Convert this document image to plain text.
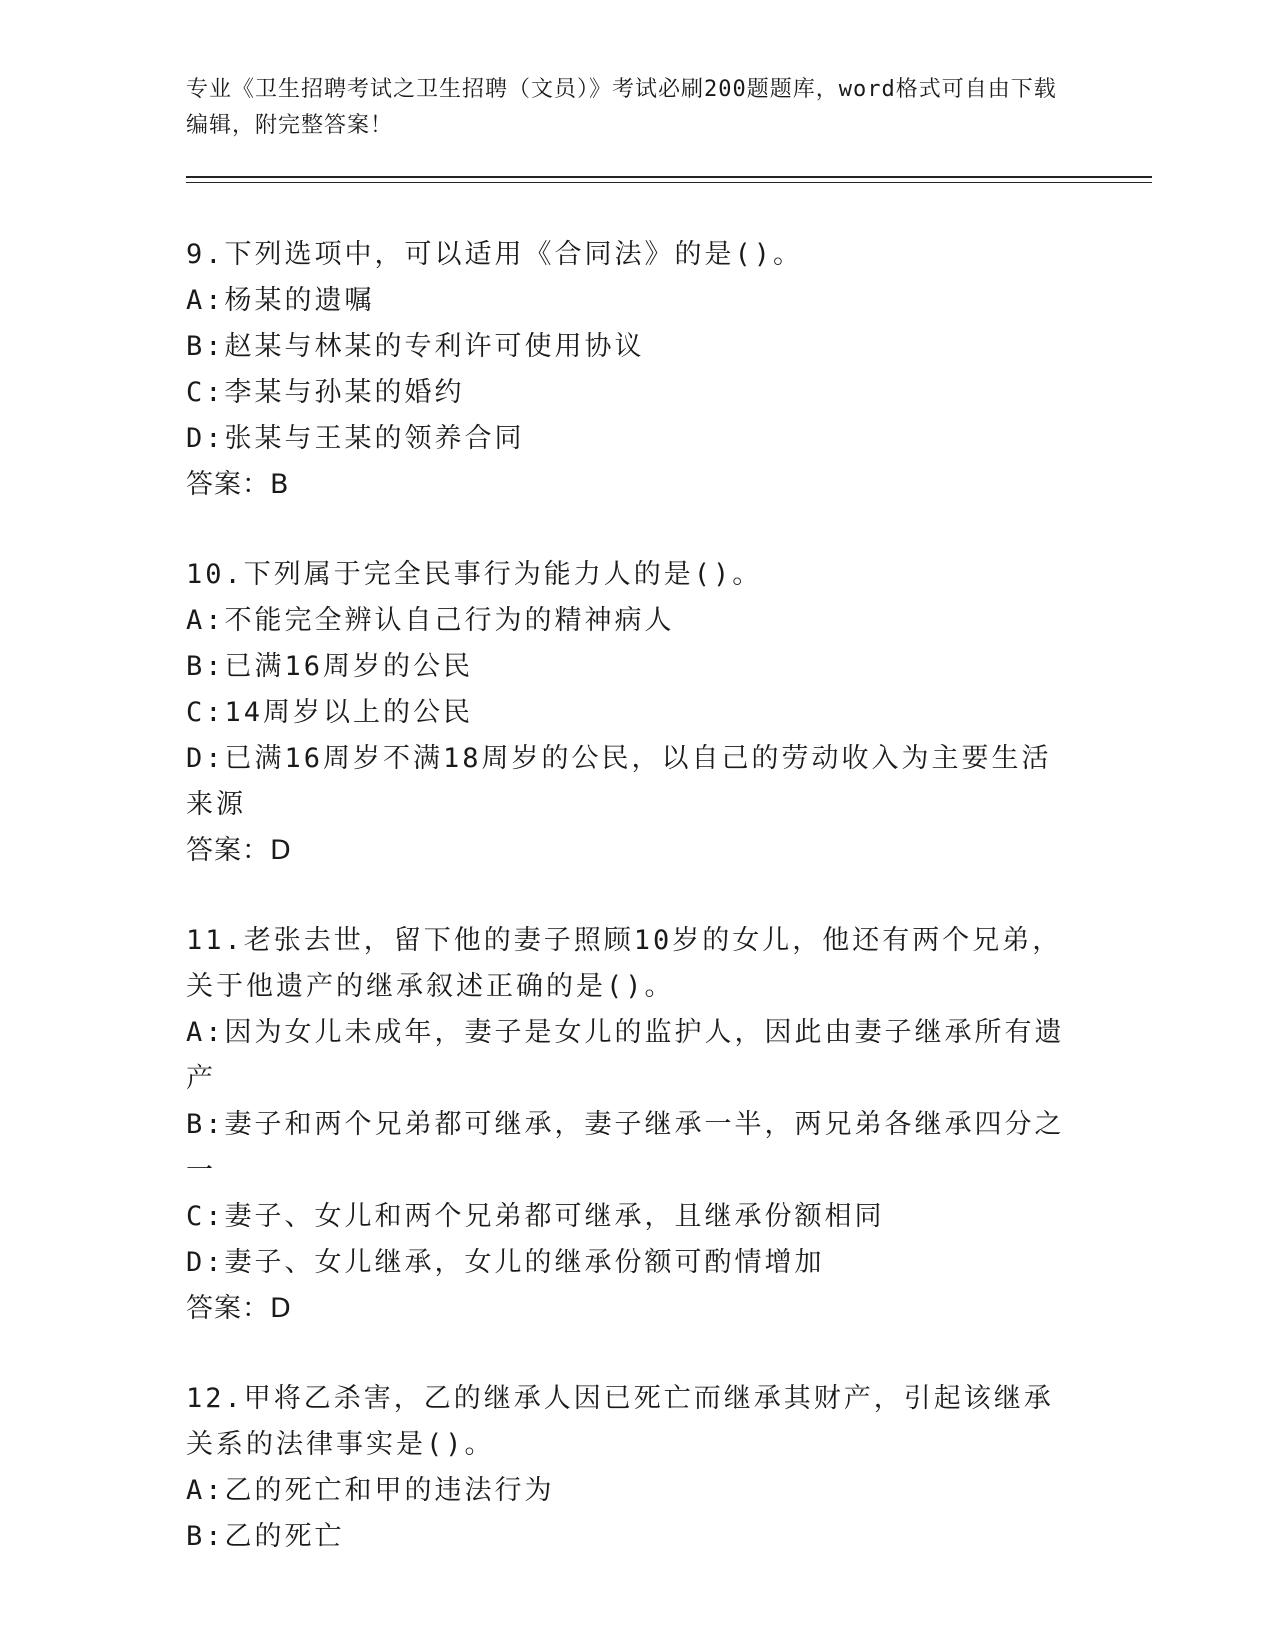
专业《卫生招聘考试之卫生招聘（文员）》考试必刷200题题库，word格式可自由下载编辑，附完整答案！
9.下列选项中，可以适用《合同法》的是()。
A:杨某的遗嘱
B:赵某与林某的专利许可使用协议
C:李某与孙某的婚约
D:张某与王某的领养合同
答案：B
10.下列属于完全民事行为能力人的是()。
A:不能完全辨认自己行为的精神病人
B:已满16周岁的公民
C:14周岁以上的公民
D:已满16周岁不满18周岁的公民，以自己的劳动收入为主要生活来源
答案：D
11.老张去世，留下他的妻子照顾10岁的女儿，他还有两个兄弟，关于他遗产的继承叙述正确的是()。
A:因为女儿未成年，妻子是女儿的监护人，因此由妻子继承所有遗产
B:妻子和两个兄弟都可继承，妻子继承一半，两兄弟各继承四分之一
C:妻子、女儿和两个兄弟都可继承，且继承份额相同
D:妻子、女儿继承，女儿的继承份额可酌情增加
答案：D
12.甲将乙杀害，乙的继承人因已死亡而继承其财产，引起该继承关系的法律事实是()。
A:乙的死亡和甲的违法行为
B:乙的死亡
